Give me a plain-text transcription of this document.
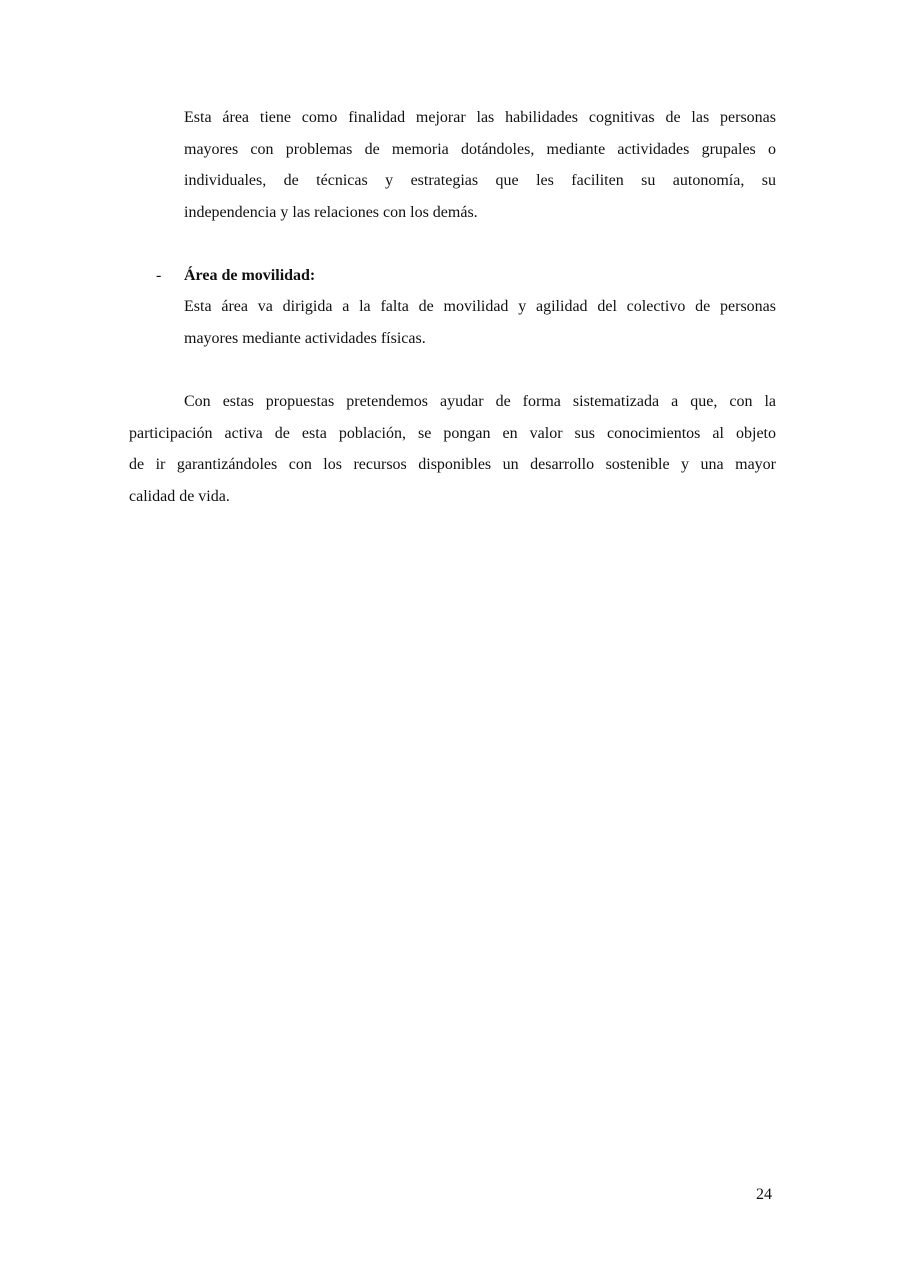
Esta área tiene como finalidad mejorar las habilidades cognitivas de las personas
mayores con problemas de memoria dotándoles, mediante actividades grupales o
individuales, de técnicas y estrategias que les faciliten su autonomía, su
independencia y las relaciones con los demás.
- Área de movilidad:
Esta área va dirigida a la falta de movilidad y agilidad del colectivo de personas
mayores mediante actividades físicas.
Con estas propuestas pretendemos ayudar de forma sistematizada a que, con la
participación activa de esta población, se pongan en valor sus conocimientos al objeto
de ir garantizándoles con los recursos disponibles un desarrollo sostenible y una mayor
calidad de vida.
24
